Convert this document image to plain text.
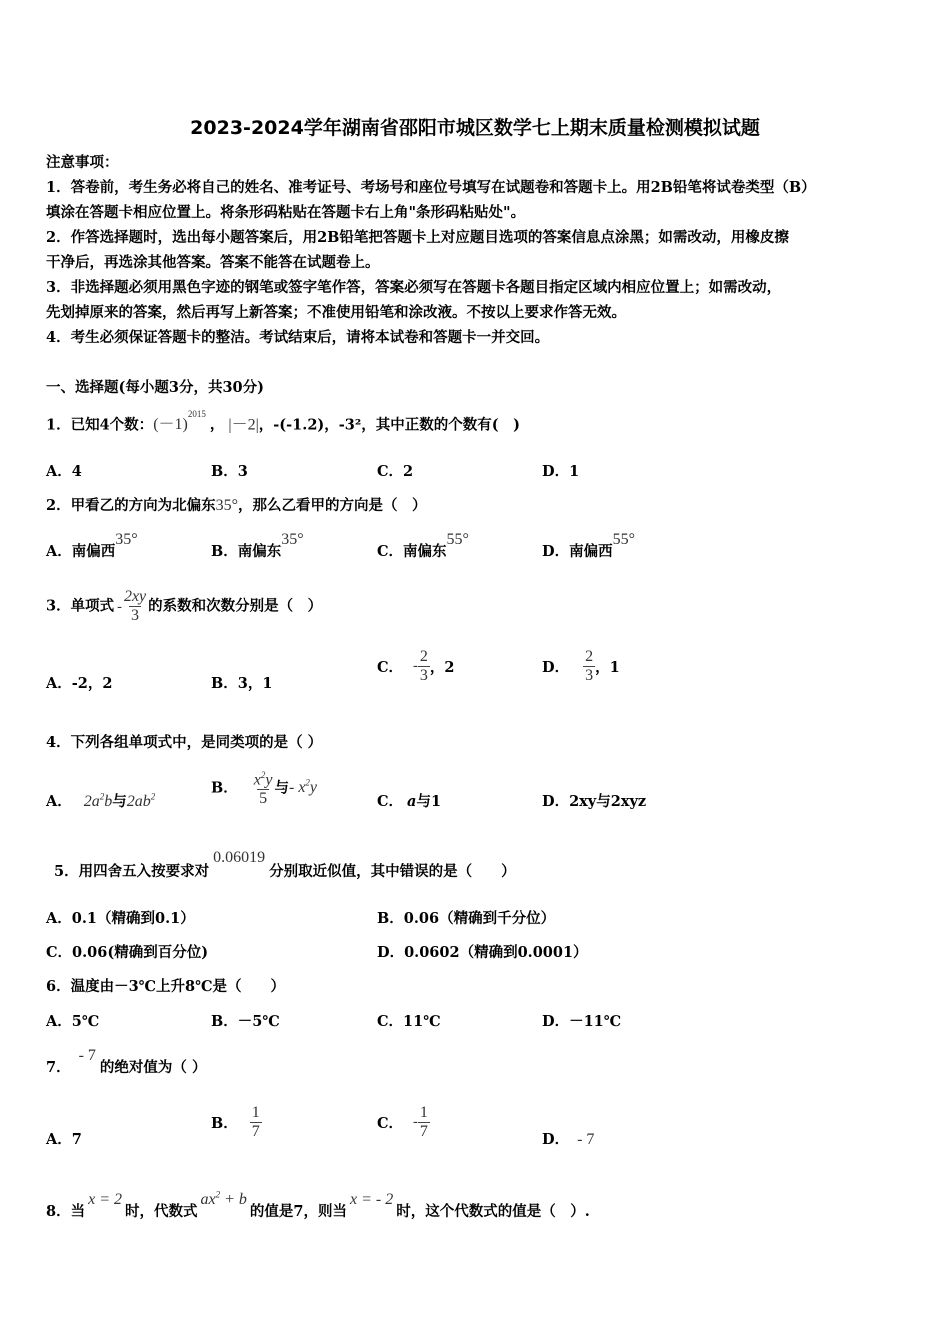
2023-2024学年湖南省邵阳市城区数学七上期末质量检测模拟试题
注意事项：
1．答卷前，考生务必将自己的姓名、准考证号、考场号和座位号填写在试题卷和答题卡上。用2B铅笔将试卷类型（B）
填涂在答题卡相应位置上。将条形码粘贴在答题卡右上角"条形码粘贴处"。
2．作答选择题时，选出每小题答案后，用2B铅笔把答题卡上对应题目选项的答案信息点涂黑；如需改动，用橡皮擦
干净后，再选涂其他答案。答案不能答在试题卷上。
3．非选择题必须用黑色字迹的钢笔或签字笔作答，答案必须写在答题卡各题目指定区域内相应位置上；如需改动，
先划掉原来的答案，然后再写上新答案；不准使用铅笔和涂改液。不按以上要求作答无效。
4．考生必须保证答题卡的整洁。考试结束后，请将本试卷和答题卡一并交回。
一、选择题(每小题3分，共30分)
1．已知4个数：$(-1)^{2015}$， |－2|，-(-1.2)，-3²，其中正数的个数有(　)
A．4	B．3	C．2	D．1
2．甲看乙的方向为北偏东35°，那么乙看甲的方向是（　）
A．南偏西35°
B．南偏东35°
C．南偏东55°
D．南偏西55°
3．单项式 - $\frac{2xy}{3}$ 的系数和次数分别是（　）
A．-2，2	B．3，1
C． - $\frac{2}{3}$ ，2	D． $\frac{2}{3}$ ，1
4．下列各组单项式中，是同类项的是（ ）
A． $2a^2b$与$2ab^2$
B． $\frac{x^2y}{5}$ 与- $x^2y$
C． a与1	D．2xy与2xyz
5．用四舍五入按要求对0.06019分别取近似值，其中错误的是（　　）
A．0.1（精确到0.1）	B．0.06（精确到千分位）
C．0.06(精确到百分位)	D．0.0602（精确到0.0001）
6．温度由－3℃上升8℃是（　　）
A．5℃	B．－5℃	C．11℃	D．－11℃
7．- 7的绝对值为（ ）
A．7
B． $\frac{1}{7}$	C． - $\frac{1}{7}$	D． - 7
8．当x = 2时，代数式$ax^2 + b$的值是7，则当x = - 2时，这个代数式的值是（　）.
